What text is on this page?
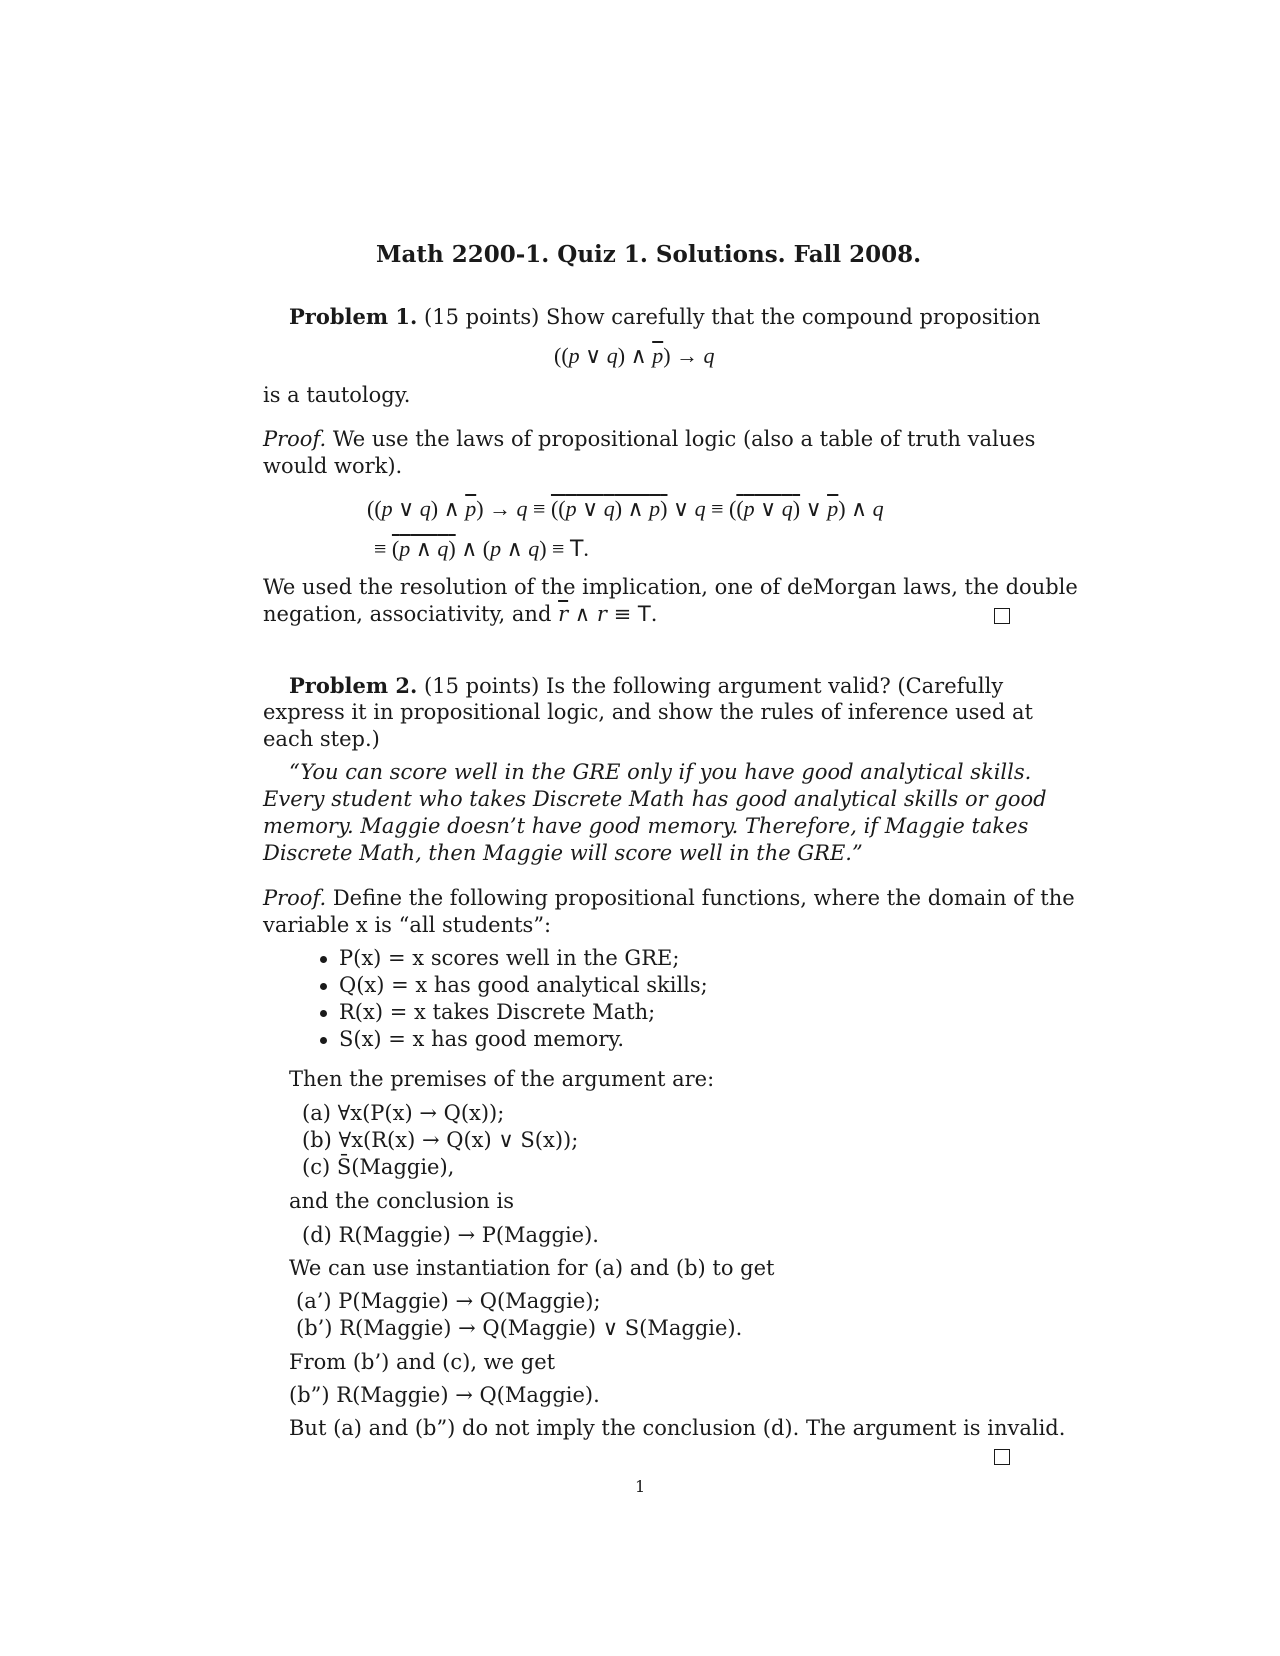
Math 2200-1. Quiz 1. Solutions. Fall 2008.
Problem 1. (15 points) Show carefully that the compound proposition
((p ∨ q) ∧ $\overline{p}) \to q$
is a tautology.
Proof. We use the laws of propositional logic (also a table of truth values
would work).
((p ∨ q) ∧ $\overline{p}) \to q \equiv ((p$ ∨ q) ∧ p) ∨ q ≡ ((p ∨ q) ∨ p) ∧ q
≡ (p ∧ q) ∧ (p ∧ q) ≡ T.
We used the resolution of the implication, one of deMorgan laws, the double
negation, associativity, and $\overline{r}$ ∧ r ≡ T.
Problem 2. (15 points) Is the following argument valid? (Carefully
express it in propositional logic, and show the rules of inference used at
each step.)
“You can score well in the GRE only if you have good analytical skills.
Every student who takes Discrete Math has good analytical skills or good
memory. Maggie doesn’t have good memory. Therefore, if Maggie takes
Discrete Math, then Maggie will score well in the GRE.”
Proof. Define the following propositional functions, where the domain of the
variable x is “all students”:
P(x) = x scores well in the GRE;
Q(x) = x has good analytical skills;
R(x) = x takes Discrete Math;
S(x) = x has good memory.
Then the premises of the argument are:
(a) ∀x(P(x) → Q(x));
(b) ∀x(R(x) → Q(x) ∨ S(x));
(c) S̄(Maggie),
and the conclusion is
(d) R(Maggie) → P(Maggie).
We can use instantiation for (a) and (b) to get
(a’) P(Maggie) → Q(Maggie);
(b’) R(Maggie) → Q(Maggie) ∨ S(Maggie).
From (b’) and (c), we get
(b”) R(Maggie) → Q(Maggie).
But (a) and (b”) do not imply the conclusion (d). The argument is invalid.
1
